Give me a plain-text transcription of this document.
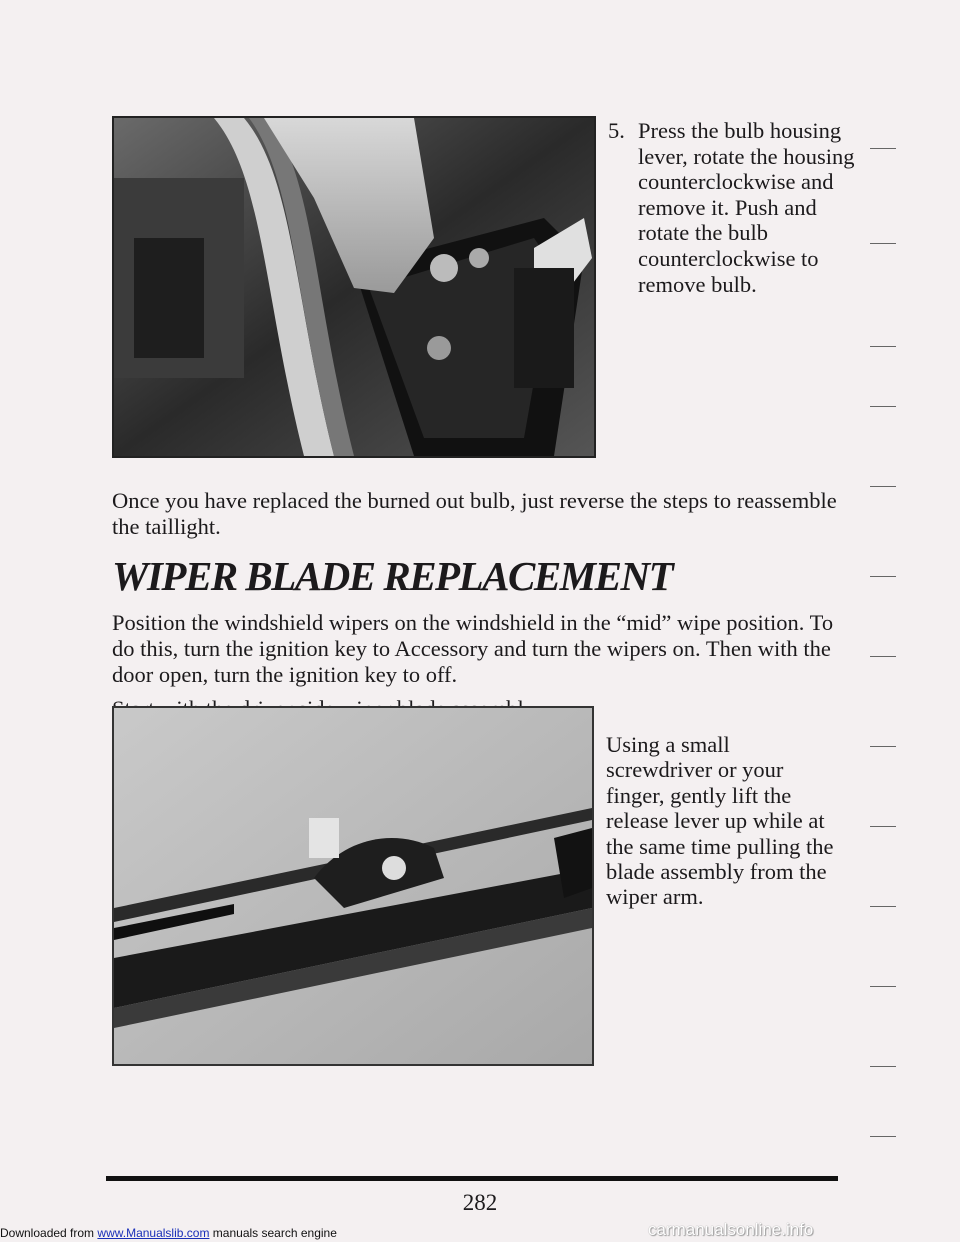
5. Press the bulb housing lever, rotate the housing counterclockwise and remove it. Push and rotate the bulb counterclockwise to remove bulb.
Once you have replaced the burned out bulb, just reverse the steps to reassemble the taillight.
WIPER BLADE REPLACEMENT
Position the windshield wipers on the windshield in the “mid” wipe position. To do this, turn the ignition key to Accessory and turn the wipers on. Then with the door open, turn the ignition key to off.
Using a small screwdriver or your finger, gently lift the release lever up while at the same time pulling the blade assembly from the wiper arm.
282
Downloaded from www.Manualslib.com manuals search engine	carmanualsonline.info
